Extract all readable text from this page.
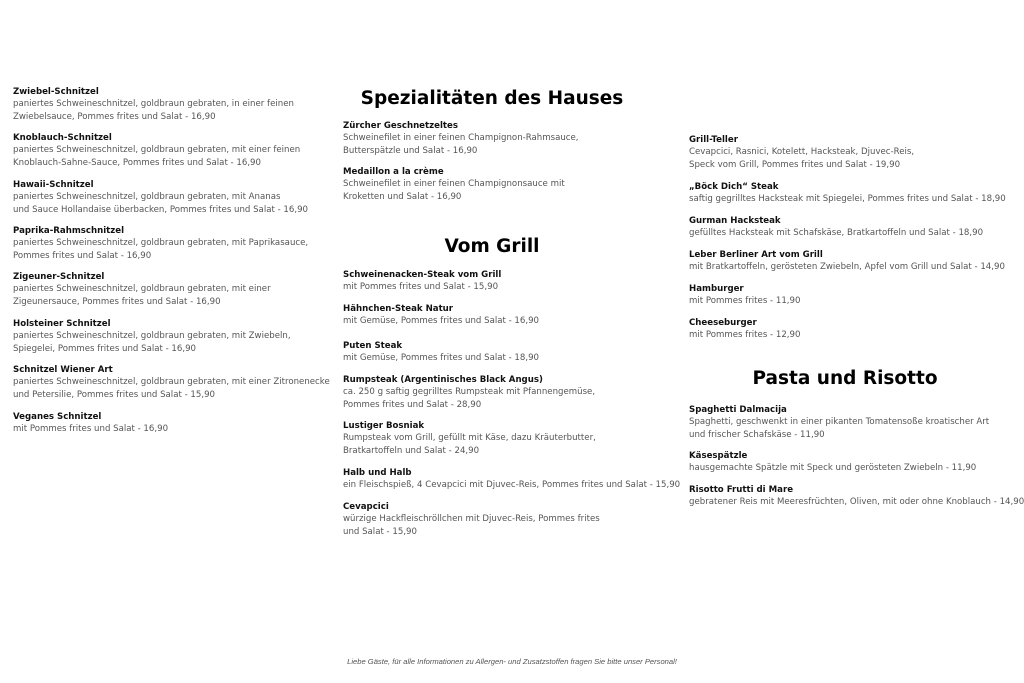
Spezialitäten des Hauses
Vom Grill
Pasta und Risotto
Liebe Gäste, für alle Informationen zu Allergen- und Zusatzstoffen fragen Sie bitte unser Personal!
Zwiebel-Schnitzel
paniertes Schweineschnitzel, goldbraun gebraten, in einer feinen
Zwiebelsauce, Pommes frites und Salat - 16,90
Knoblauch-Schnitzel
paniertes Schweineschnitzel, goldbraun gebraten, mit einer feinen
Knoblauch-Sahne-Sauce, Pommes frites und Salat - 16,90
Hawaii-Schnitzel
paniertes Schweineschnitzel, goldbraun gebraten, mit Ananas
und Sauce Hollandaise überbacken, Pommes frites und Salat - 16,90
Paprika-Rahmschnitzel
paniertes Schweineschnitzel, goldbraun gebraten, mit Paprikasauce,
Pommes frites und Salat - 16,90
Zigeuner-Schnitzel
paniertes Schweineschnitzel, goldbraun gebraten, mit einer
Zigeunersauce, Pommes frites und Salat - 16,90
Holsteiner Schnitzel
paniertes Schweineschnitzel, goldbraun gebraten, mit Zwiebeln,
Spiegelei, Pommes frites und Salat - 16,90
Schnitzel Wiener Art
paniertes Schweineschnitzel, goldbraun gebraten, mit einer Zitronenecke
und Petersilie, Pommes frites und Salat - 15,90
Veganes Schnitzel
mit Pommes frites und Salat - 16,90
Zürcher Geschnetzeltes
Schweinefilet in einer feinen Champignon-Rahmsauce,
Butterspätzle und Salat - 16,90
Medaillon a la crème
Schweinefilet in einer feinen Champignonsauce mit
Kroketten und Salat - 16,90
Schweinenacken-Steak vom Grill
mit Pommes frites und Salat - 15,90
Hähnchen-Steak Natur
mit Gemüse, Pommes frites und Salat - 16,90
Puten Steak
mit Gemüse, Pommes frites und Salat - 18,90
Rumpsteak (Argentinisches Black Angus)
ca. 250 g saftig gegrilltes Rumpsteak mit Pfannengemüse,
Pommes frites und Salat - 28,90
Lustiger Bosniak
Rumpsteak vom Grill, gefüllt mit Käse, dazu Kräuterbutter,
Bratkartoffeln und Salat - 24,90
Halb und Halb
ein Fleischspieß, 4 Cevapcici mit Djuvec-Reis, Pommes frites und Salat - 15,90
Cevapcici
würzige Hackfleischröllchen mit Djuvec-Reis, Pommes frites
und Salat - 15,90
Grill-Teller
Cevapcici, Rasnici, Kotelett, Hacksteak, Djuvec-Reis,
Speck vom Grill, Pommes frites und Salat - 19,90
„Böck Dich“ Steak
saftig gegrilltes Hacksteak mit Spiegelei, Pommes frites und Salat - 18,90
Gurman Hacksteak
gefülltes Hacksteak mit Schafskäse, Bratkartoffeln und Salat - 18,90
Leber Berliner Art vom Grill
mit Bratkartoffeln, gerösteten Zwiebeln, Apfel vom Grill und Salat - 14,90
Hamburger
mit Pommes frites - 11,90
Cheeseburger
mit Pommes frites - 12,90
Spaghetti Dalmacija
Spaghetti, geschwenkt in einer pikanten Tomatensoße kroatischer Art
und frischer Schafskäse - 11,90
Käsespätzle
hausgemachte Spätzle mit Speck und gerösteten Zwiebeln - 11,90
Risotto Frutti di Mare
gebratener Reis mit Meeresfrüchten, Oliven, mit oder ohne Knoblauch - 14,90
